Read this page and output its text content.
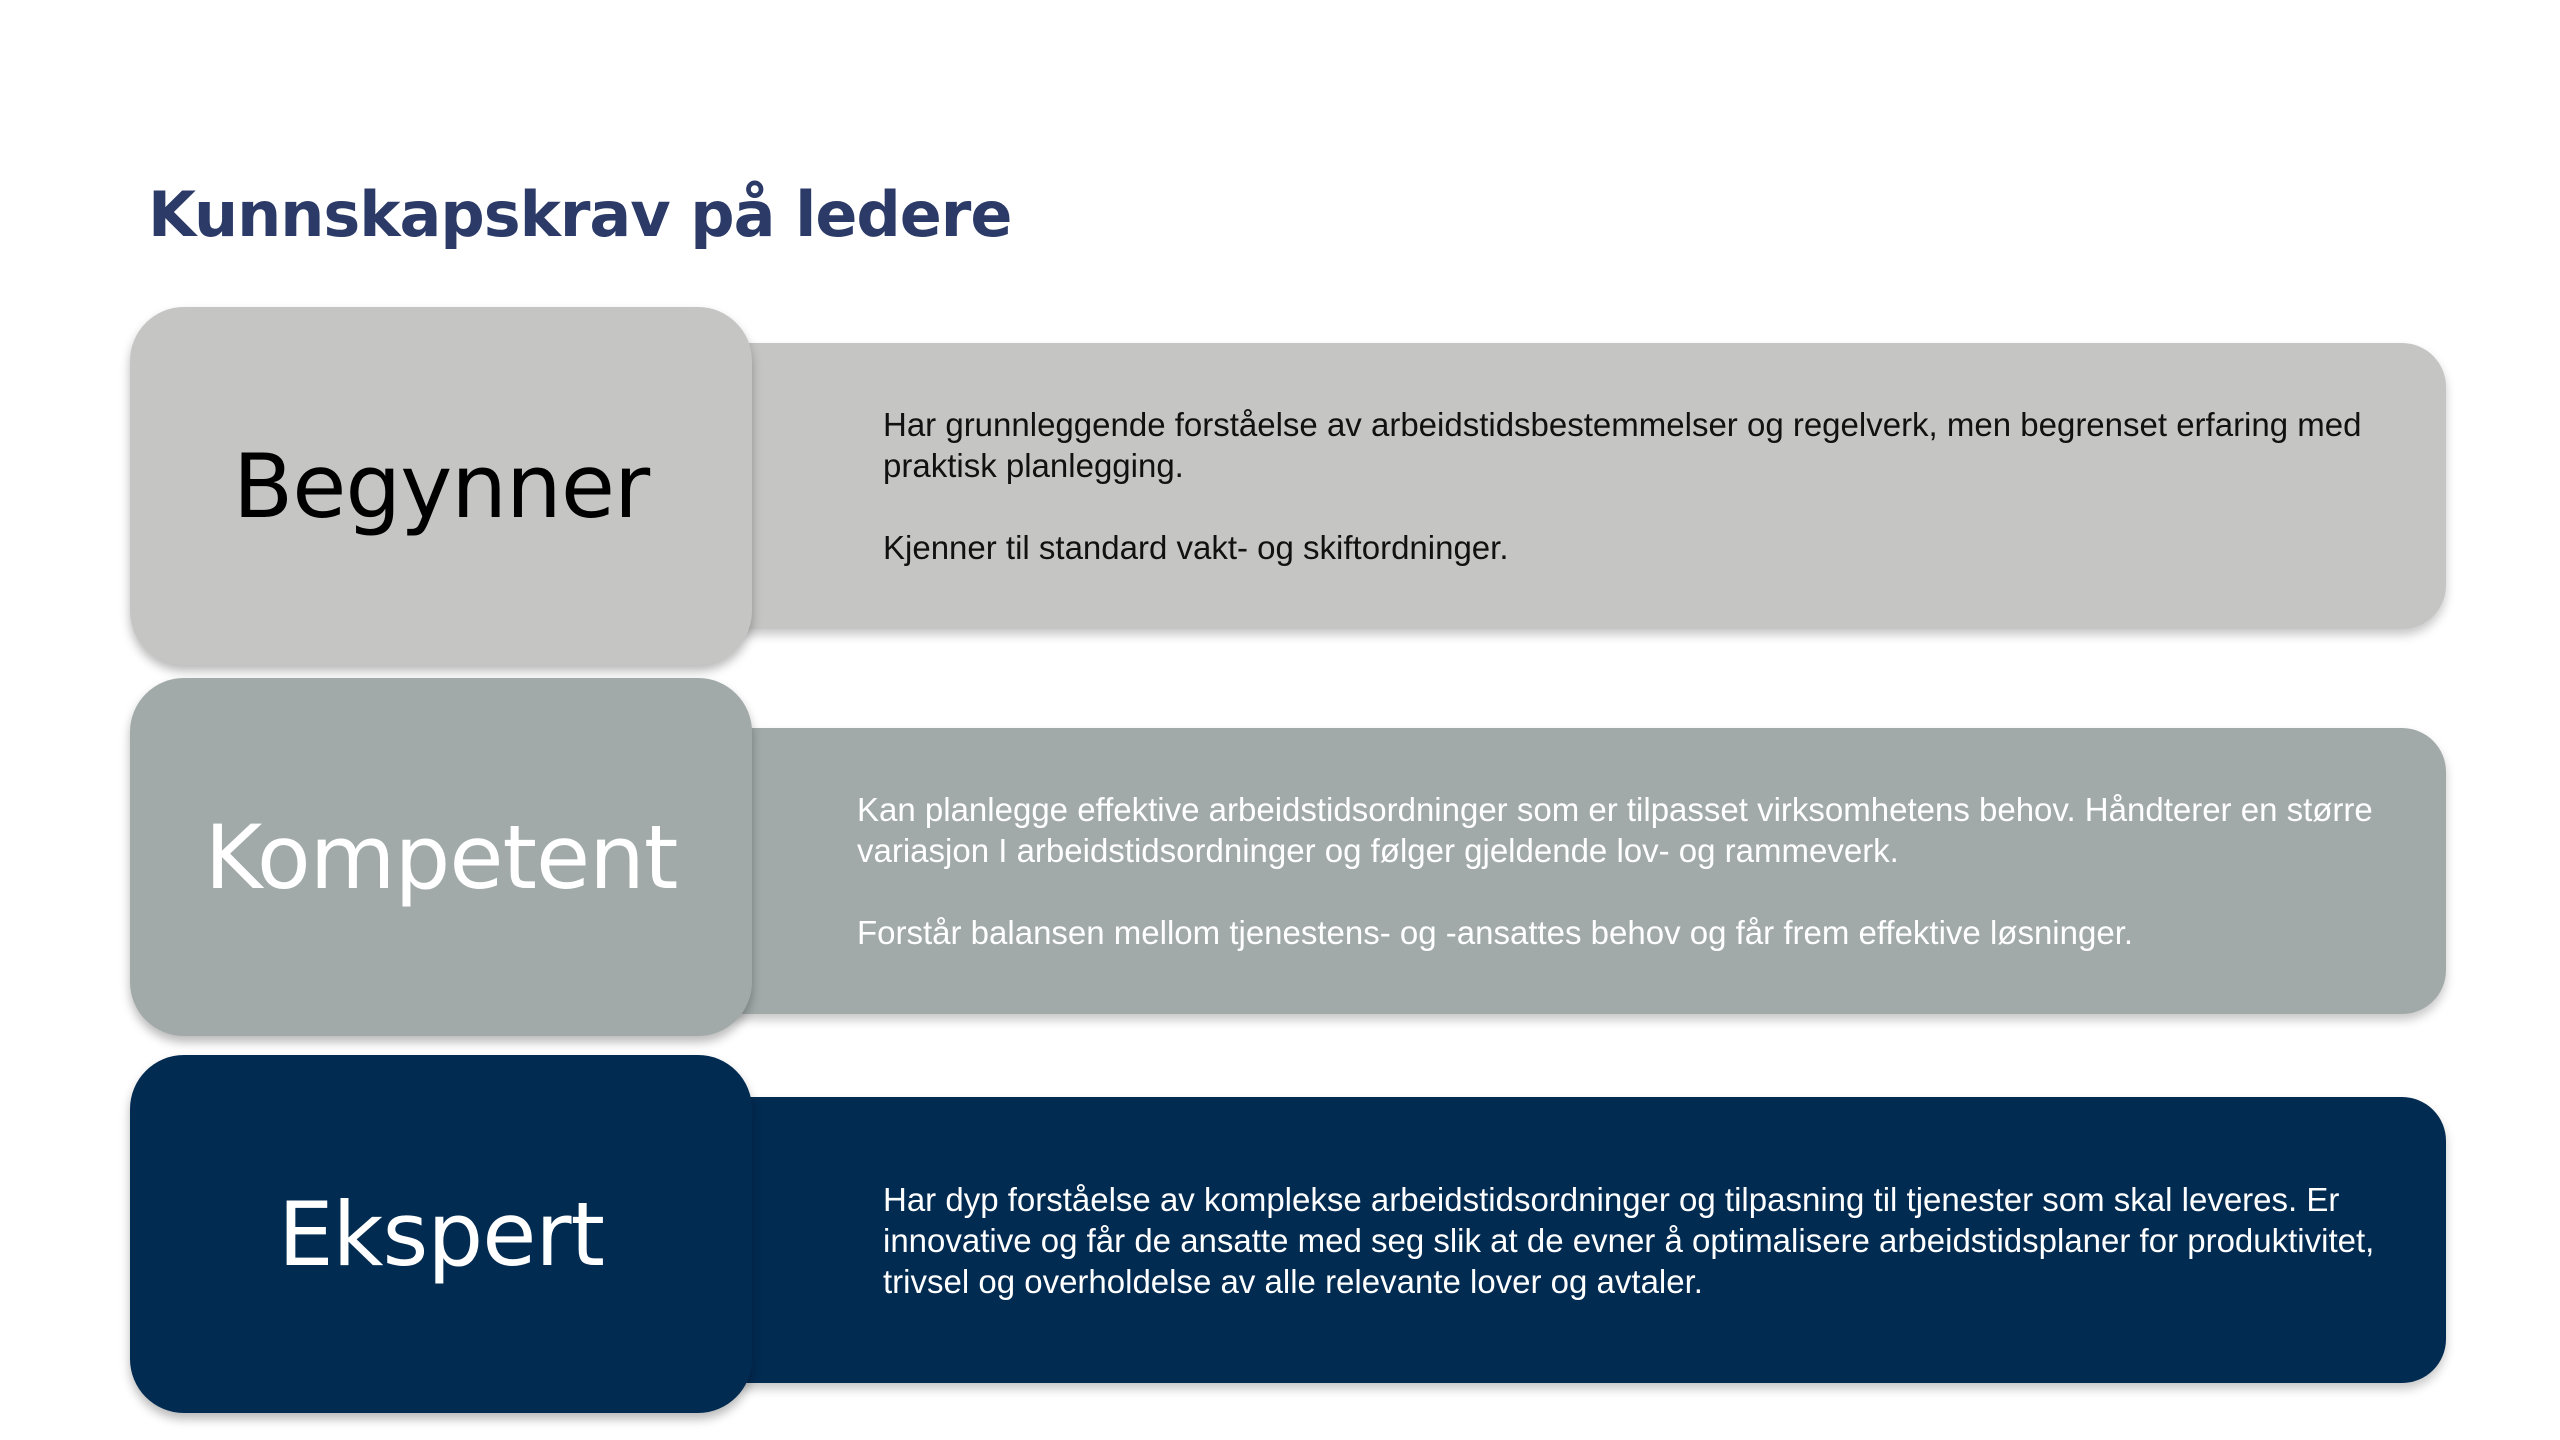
Kunnskapskrav på ledere

Har grunnleggende forståelse av arbeidstidsbestemmelser og regelverk, men begrenset erfaring med praktisk planlegging.

Kjenner til standard vakt- og skiftordninger.

Begynner

Kan planlegge effektive arbeidstidsordninger som er tilpasset virksomhetens behov. Håndterer en større variasjon I arbeidstidsordninger og følger gjeldende lov- og rammeverk.

Forstår balansen mellom tjenestens- og -ansattes behov og får frem effektive løsninger.

Kompetent

Har dyp forståelse av komplekse arbeidstidsordninger og tilpasning til tjenester som skal leveres. Er innovative og får de ansatte med seg slik at de evner å optimalisere arbeidstidsplaner for produktivitet, trivsel og overholdelse av alle relevante lover og avtaler.

Ekspert
